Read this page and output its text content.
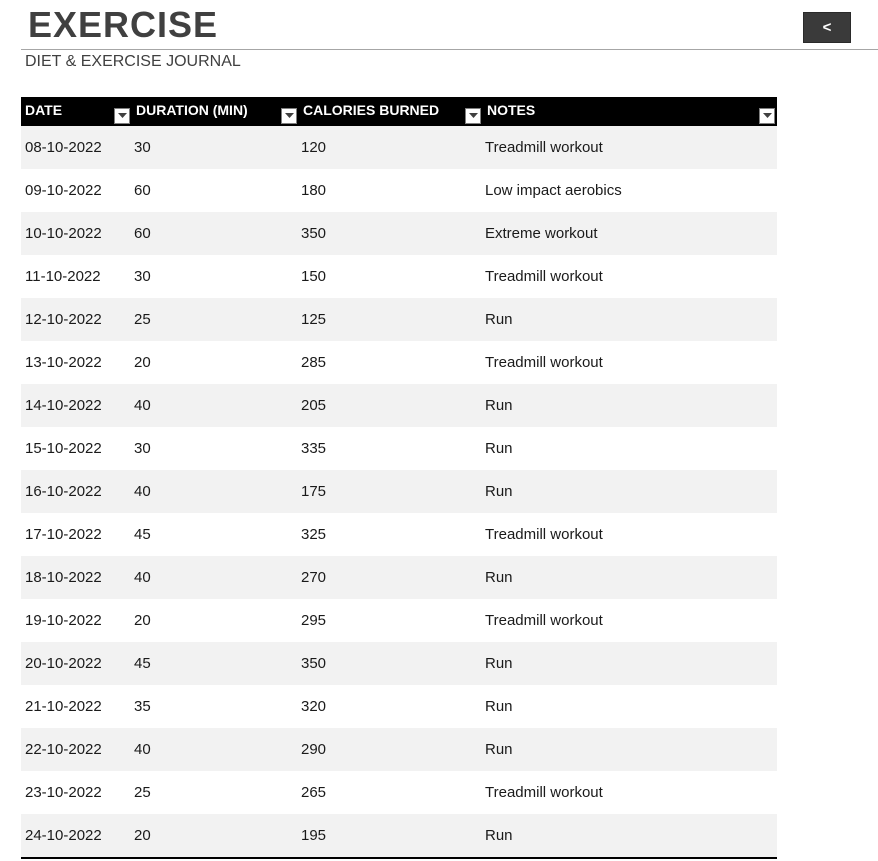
EXERCISE
DIET & EXERCISE JOURNAL
<
DATE	DURATION (MIN)	CALORIES BURNED	NOTES
08-10-2022	30	120	Treadmill workout
09-10-2022	60	180	Low impact aerobics
10-10-2022	60	350	Extreme workout
11-10-2022	30	150	Treadmill workout
12-10-2022	25	125	Run
13-10-2022	20	285	Treadmill workout
14-10-2022	40	205	Run
15-10-2022	30	335	Run
16-10-2022	40	175	Run
17-10-2022	45	325	Treadmill workout
18-10-2022	40	270	Run
19-10-2022	20	295	Treadmill workout
20-10-2022	45	350	Run
21-10-2022	35	320	Run
22-10-2022	40	290	Run
23-10-2022	25	265	Treadmill workout
24-10-2022	20	195	Run
